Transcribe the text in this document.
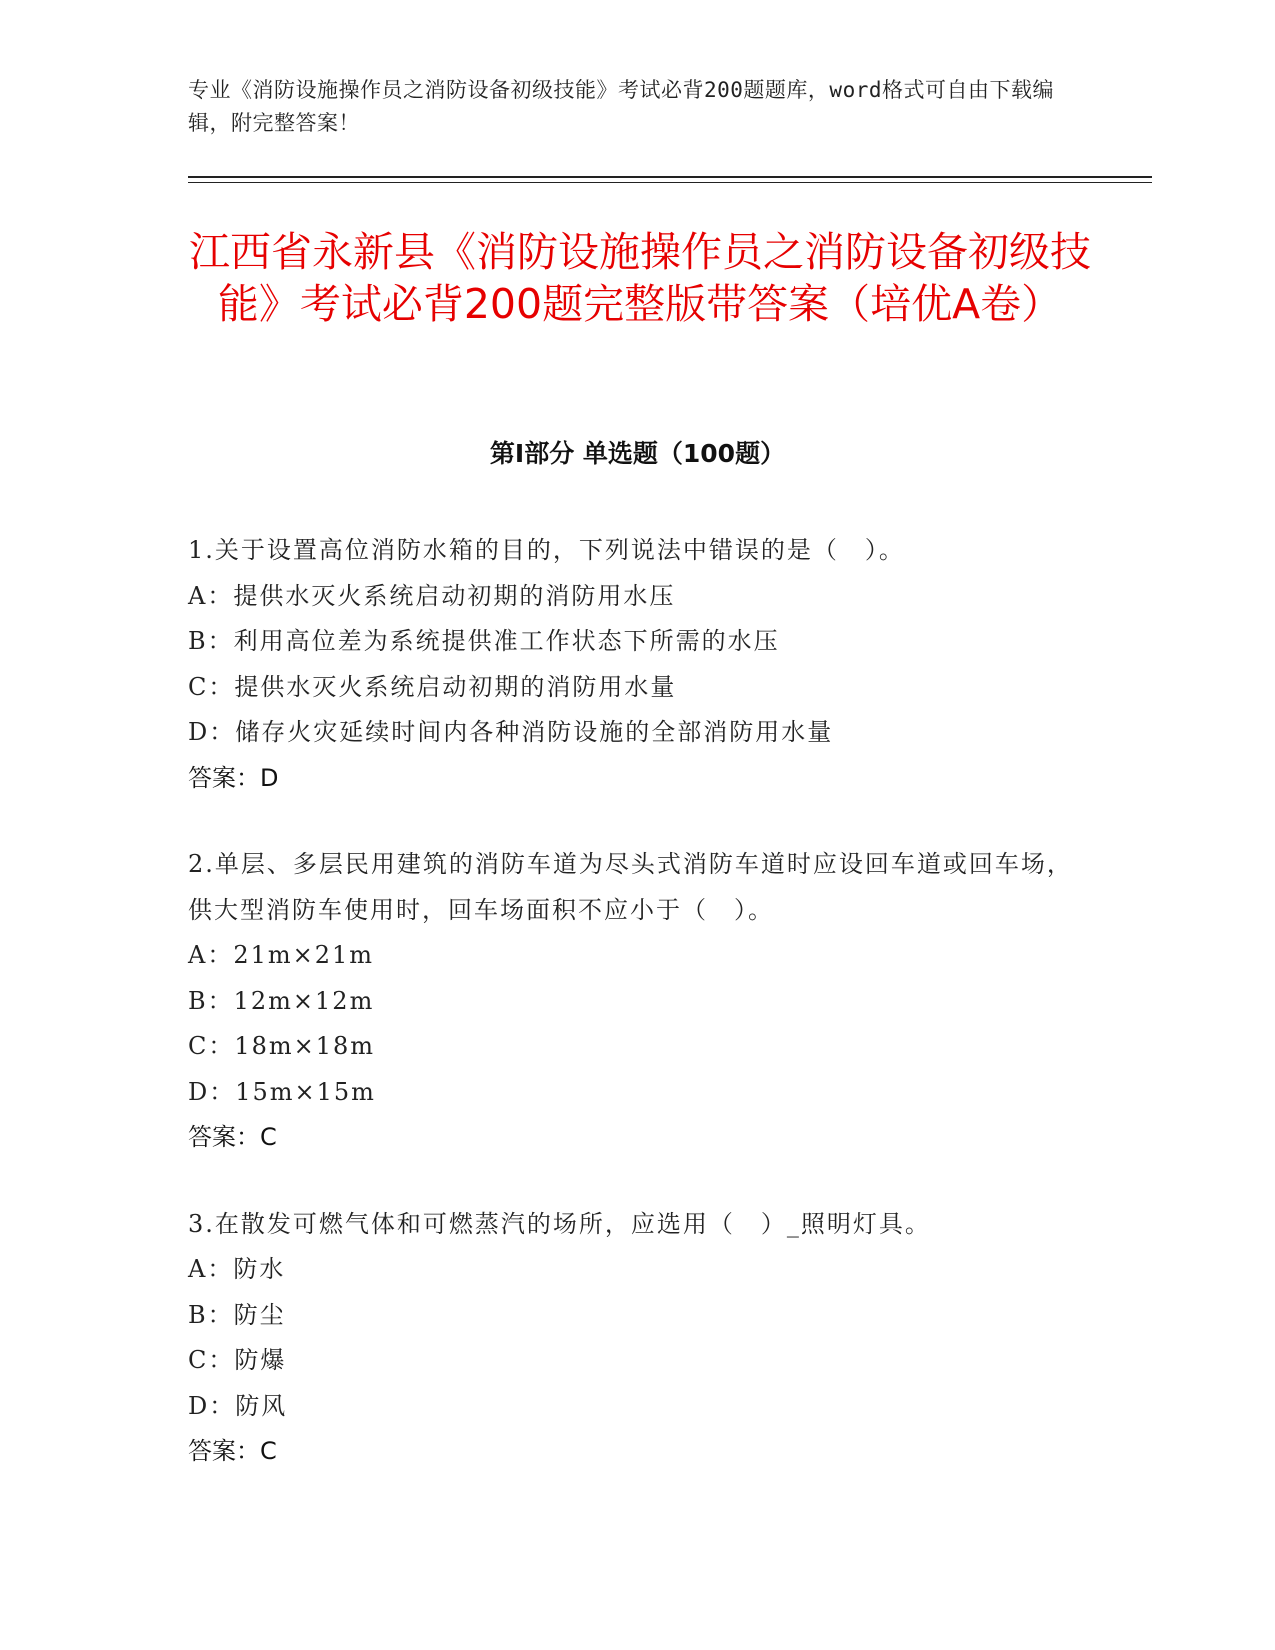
专业《消防设施操作员之消防设备初级技能》考试必背200题题库，word格式可自由下载编辑，附完整答案！
江西省永新县《消防设施操作员之消防设备初级技能》考试必背200题完整版带答案（培优A卷）
第Ⅰ部分 单选题（100题）

1.关于设置高位消防水箱的目的，下列说法中错误的是（　）。

A：提供水灭火系统启动初期的消防用水压

B：利用高位差为系统提供准工作状态下所需的水压

C：提供水灭火系统启动初期的消防用水量

D：储存火灾延续时间内各种消防设施的全部消防用水量

答案：D

2.单层、多层民用建筑的消防车道为尽头式消防车道时应设回车道或回车场，供大型消防车使用时，回车场面积不应小于（　）。

A：21m×21m

B：12m×12m

C：18m×18m

D：15m×15m

答案：C

3.在散发可燃气体和可燃蒸汽的场所，应选用（　）_照明灯具。

A：防水

B：防尘

C：防爆

D：防风

答案：C
